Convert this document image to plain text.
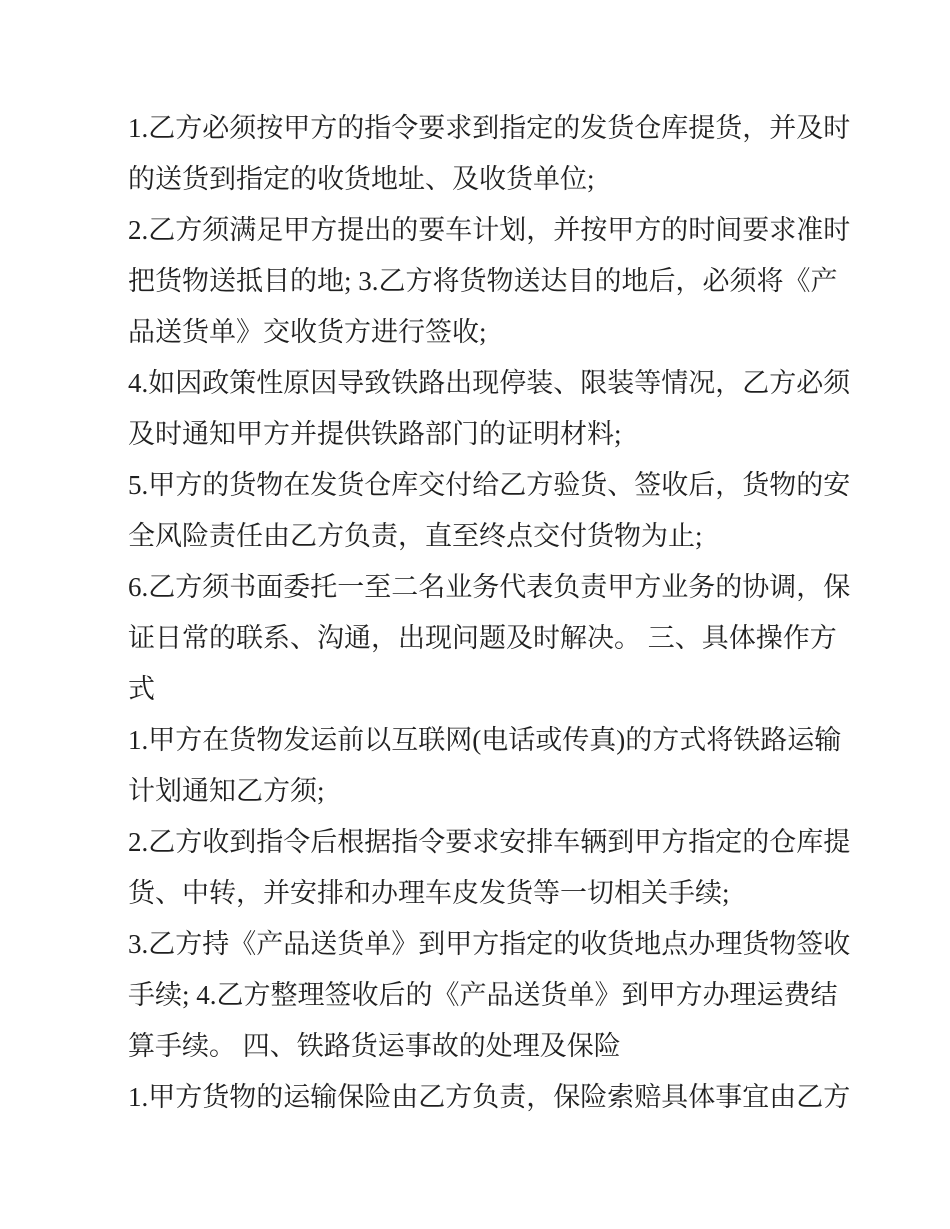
1.乙方必须按甲方的指令要求到指定的发货仓库提货，并及时
的送货到指定的收货地址、及收货单位;
2.乙方须满足甲方提出的要车计划，并按甲方的时间要求准时
把货物送抵目的地; 3.乙方将货物送达目的地后，必须将《产
品送货单》交收货方进行签收;
4.如因政策性原因导致铁路出现停装、限装等情况，乙方必须
及时通知甲方并提供铁路部门的证明材料;
5.甲方的货物在发货仓库交付给乙方验货、签收后，货物的安
全风险责任由乙方负责，直至终点交付货物为止;
6.乙方须书面委托一至二名业务代表负责甲方业务的协调，保
证日常的联系、沟通，出现问题及时解决。 三、具体操作方
式
1.甲方在货物发运前以互联网(电话或传真)的方式将铁路运输
计划通知乙方须;
2.乙方收到指令后根据指令要求安排车辆到甲方指定的仓库提
货、中转，并安排和办理车皮发货等一切相关手续;
3.乙方持《产品送货单》到甲方指定的收货地点办理货物签收
手续; 4.乙方整理签收后的《产品送货单》到甲方办理运费结
算手续。 四、铁路货运事故的处理及保险
1.甲方货物的运输保险由乙方负责，保险索赔具体事宜由乙方
